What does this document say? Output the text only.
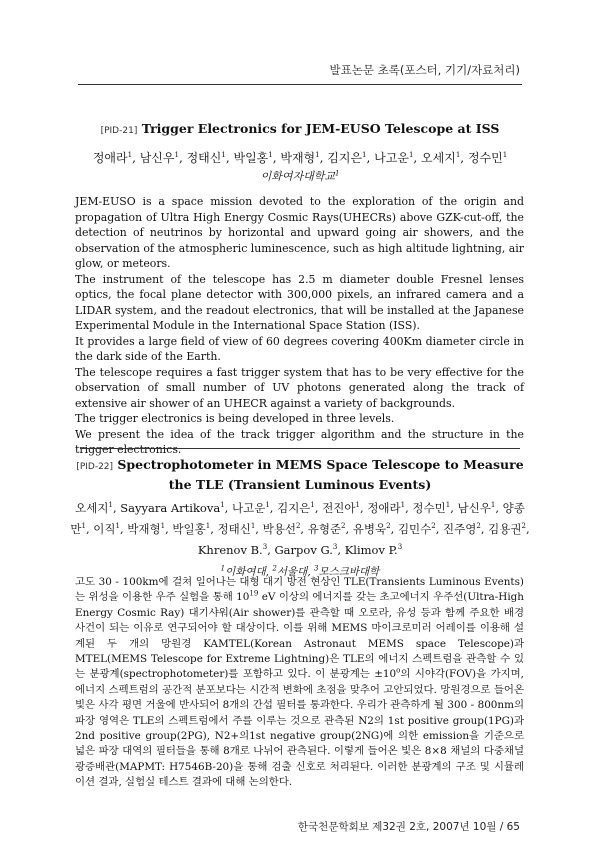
발표논문 초록(포스터, 기기/자료처리)
[PID-21] Trigger Electronics for JEM-EUSO Telescope at ISS
정애라$^1$, 남신우$^1$, 정태신$^1$, 박일홍$^1$, 박재형$^1$, 김지은$^1$, 나고운$^1$, 오세지$^1$, 정수민$^1$
이화여자대학교$^1$

JEM-EUSO is a space mission devoted to the exploration of the origin and propagation of Ultra High Energy Cosmic Rays(UHECRs) above GZK-cut-off, the detection of neutrinos by horizontal and upward going air showers, and the observation of the atmospheric luminescence, such as high altitude lightning, air glow, or meteors.

The instrument of the telescope has 2.5 m diameter double Fresnel lenses optics, the focal plane detector with 300,000 pixels, an infrared camera and a LIDAR system, and the readout electronics, that will be installed at the Japanese Experimental Module in the International Space Station (ISS).

It provides a large field of view of 60 degrees covering 400Km diameter circle in the dark side of the Earth.

The telescope requires a fast trigger system that has to be very effective for the observation of small number of UV photons generated along the track of extensive air shower of an UHECR against a variety of backgrounds.

The trigger electronics is being developed in three levels.

We present the idea of the track trigger algorithm and the structure in the trigger electronics.

[PID-22] Spectrophotometer in MEMS Space Telescope to Measure
the TLE (Transient Luminous Events)
오세지$^1$, Sayyara Artikova$^1$, 나고운$^1$, 김지은$^1$, 전진아$^1$, 정애라$^1$, 정수민$^1$, 남신우$^1$, 양종만$^1$, 이직$^1$, 박재형$^1$, 박일홍$^1$, 정태신$^1$, 박용선$^2$, 유형준$^2$, 유병욱$^2$, 김민수$^2$, 진주영$^2$, 김용권$^2$, Khrenov B.$^3$, Garpov G.$^3$, Klimov P.$^3$
$^1$이화여대, $^2$서울대, $^3$모스크바대학
고도 30 - 100km에 걸쳐 일어나는 대형 대기 방전 현상인 TLE(Transients Luminous Events)는 위성을 이용한 우주 실험을 통해 $10^{19}$ eV 이상의 에너지를 갖는 초고에너지 우주선(Ultra-High Energy Cosmic Ray) 대기샤워(Air shower)를 관측할 때 오로라, 유성 등과 함께 주요한 배경 사건이 되는 이유로 연구되어야 할 대상이다. 이를 위해 MEMS 마이크로미러 어레이를 이용해 설계된 두 개의 망원경 KAMTEL(Korean Astronaut MEMS space Telescope)과 MTEL(MEMS Telescope for Extreme Lightning)은 TLE의 에너지 스펙트럼을 관측할 수 있는 분광계(spectrophotometer)를 포함하고 있다. 이 분광계는 $\pm 10^o$의 시야각(FOV)을 가지며, 에너지 스펙트럼의 공간적 분포보다는 시간적 변화에 초점을 맞추어 고안되었다. 망원경으로 들어온 빛은 사각 평면 거울에 반사되어 8개의 간섭 필터를 통과한다. 우리가 관측하게 될 300 - 800nm의 파장 영역은 TLE의 스펙트럼에서 주를 이루는 것으로 관측된 N2의 1st positive group(1PG)과 2nd positive group(2PG), N2+의1st negative group(2NG)에 의한 emission을 기준으로 넓은 파장 대역의 필터들을 통해 8개로 나뉘어 관측된다. 이렇게 들어온 빛은 8×8 채널의 다중채널광증배관(MAPMT: H7546B-20)을 통해 검출 신호로 처리된다. 이러한 분광계의 구조 및 시뮬레이션 결과, 실험실 테스트 결과에 대해 논의한다.
한국천문학회보 제32권 2호, 2007년 10월 / 65
